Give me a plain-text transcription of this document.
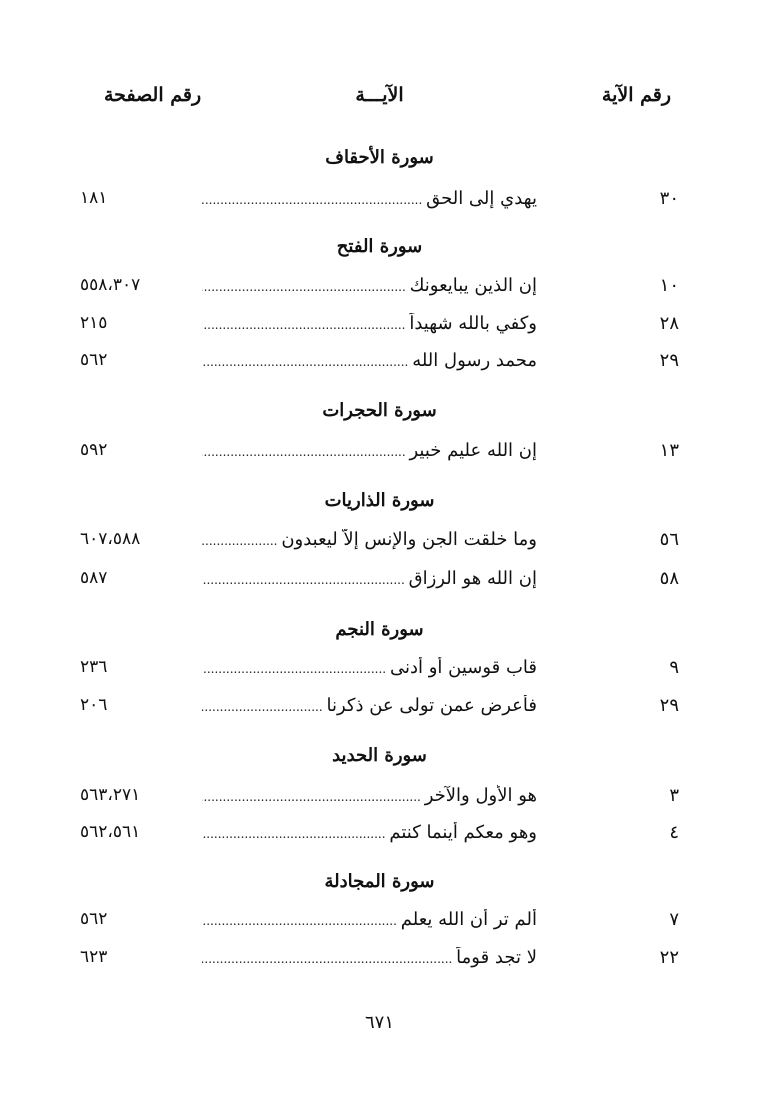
رقم الآية
الآيـــة
رقم الصفحة
سورة الأحقاف
٣٠
يهدي إلى الحق .....
١٨١
سورة الفتح
١٠
إن الذين يبايعونك .....
٥٥٨،٣٠٧
٢٨
وكفي بالله شهيداً .....
٢١٥
٢٩
محمد رسول الله .....
٥٦٢
سورة الحجرات
١٣
إن الله عليم خبير .....
٥٩٢
سورة الذاريات
٥٦
وما خلقت الجن والإنس إلاّ ليعبدون .....
٦٠٧،٥٨٨
٥٨
إن الله هو الرزاق .....
٥٨٧
سورة النجم
٩
قاب قوسين أو أدنى .....
٢٣٦
٢٩
فأعرض عمن تولى عن ذكرنا .....
٢٠٦
سورة الحديد
٣
هو الأول والآخر .....
٥٦٣،٢٧١
٤
وهو معكم أينما كنتم .....
٥٦٢،٥٦١
سورة المجادلة
٧
ألم تر أن الله يعلم .....
٥٦٢
٢٢
لا تجد قوماً .....
٦٢٣
٦٧١
